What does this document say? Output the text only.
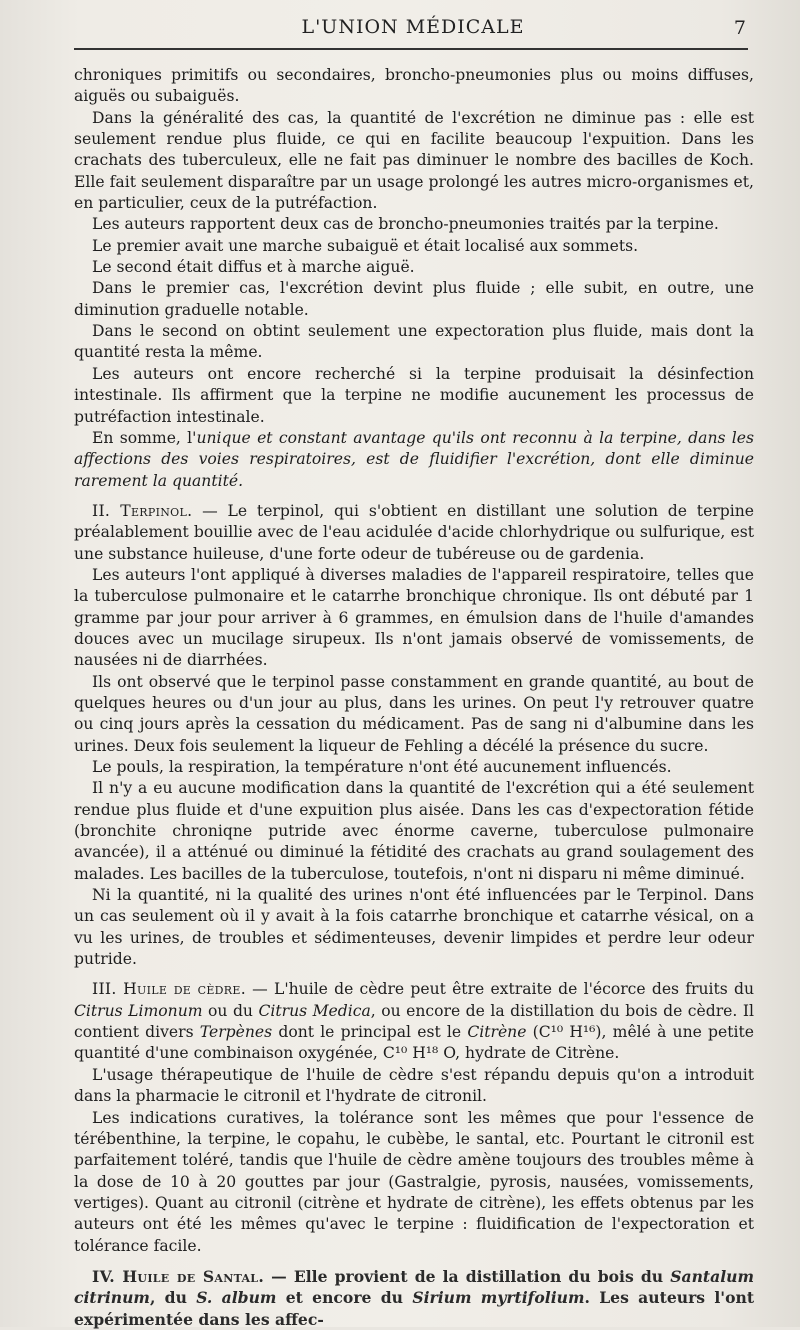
L'UNION MÉDICALE	7

chroniques primitifs ou secondaires, broncho-pneumonies plus ou moins diffuses, aiguës ou subaiguës.

Dans la généralité des cas, la quantité de l'excrétion ne diminue pas : elle est seulement rendue plus fluide, ce qui en facilite beaucoup l'expuition. Dans les crachats des tuberculeux, elle ne fait pas diminuer le nombre des bacilles de Koch. Elle fait seulement disparaître par un usage prolongé les autres micro-organismes et, en particulier, ceux de la putréfaction.

Les auteurs rapportent deux cas de broncho-pneumonies traités par la terpine.

Le premier avait une marche subaiguë et était localisé aux sommets.

Le second était diffus et à marche aiguë.

Dans le premier cas, l'excrétion devint plus fluide ; elle subit, en outre, une diminution graduelle notable.

Dans le second on obtint seulement une expectoration plus fluide, mais dont la quantité resta la même.

Les auteurs ont encore recherché si la terpine produisait la désinfection intestinale. Ils affirment que la terpine ne modifie aucunement les processus de putréfaction intestinale.

En somme, l'unique et constant avantage qu'ils ont reconnu à la terpine, dans les affections des voies respiratoires, est de fluidifier l'excrétion, dont elle diminue rarement la quantité.

II. Terpinol. — Le terpinol, qui s'obtient en distillant une solution de terpine préalablement bouillie avec de l'eau acidulée d'acide chlorhydrique ou sulfurique, est une substance huileuse, d'une forte odeur de tubéreuse ou de gardenia.

Les auteurs l'ont appliqué à diverses maladies de l'appareil respiratoire, telles que la tuberculose pulmonaire et le catarrhe bronchique chronique. Ils ont débuté par 1 gramme par jour pour arriver à 6 grammes, en émulsion dans de l'huile d'amandes douces avec un mucilage sirupeux. Ils n'ont jamais observé de vomissements, de nausées ni de diarrhées.

Ils ont observé que le terpinol passe constamment en grande quantité, au bout de quelques heures ou d'un jour au plus, dans les urines. On peut l'y retrouver quatre ou cinq jours après la cessation du médicament. Pas de sang ni d'albumine dans les urines. Deux fois seulement la liqueur de Fehling a décélé la présence du sucre.

Le pouls, la respiration, la température n'ont été aucunement influencés.

Il n'y a eu aucune modification dans la quantité de l'excrétion qui a été seulement rendue plus fluide et d'une expuition plus aisée. Dans les cas d'expectoration fétide (bronchite chroniqne putride avec énorme caverne, tuberculose pulmonaire avancée), il a atténué ou diminué la fétidité des crachats au grand soulagement des malades. Les bacilles de la tuberculose, toutefois, n'ont ni disparu ni même diminué.

Ni la quantité, ni la qualité des urines n'ont été influencées par le Terpinol. Dans un cas seulement où il y avait à la fois catarrhe bronchique et catarrhe vésical, on a vu les urines, de troubles et sédimenteuses, devenir limpides et perdre leur odeur putride.

III. Huile de cèdre. — L'huile de cèdre peut être extraite de l'écorce des fruits du Citrus Limonum ou du Citrus Medica, ou encore de la distillation du bois de cèdre. Il contient divers Terpènes dont le principal est le Citrène (C¹⁰ H¹⁶), mêlé à une petite quantité d'une combinaison oxygénée, C¹⁰ H¹⁸ O, hydrate de Citrène.

L'usage thérapeutique de l'huile de cèdre s'est répandu depuis qu'on a introduit dans la pharmacie le citronil et l'hydrate de citronil.

Les indications curatives, la tolérance sont les mêmes que pour l'essence de térébenthine, la terpine, le copahu, le cubèbe, le santal, etc. Pourtant le citronil est parfaitement toléré, tandis que l'huile de cèdre amène toujours des troubles même à la dose de 10 à 20 gouttes par jour (Gastralgie, pyrosis, nausées, vomissements, vertiges). Quant au citronil (citrène et hydrate de citrène), les effets obtenus par les auteurs ont été les mêmes qu'avec le terpine : fluidification de l'expectoration et tolérance facile.

IV. Huile de Santal. — Elle provient de la distillation du bois du Santalum citrinum, du S. album et encore du Sirium myrtifolium. Les auteurs l'ont expérimentée dans les affec-
